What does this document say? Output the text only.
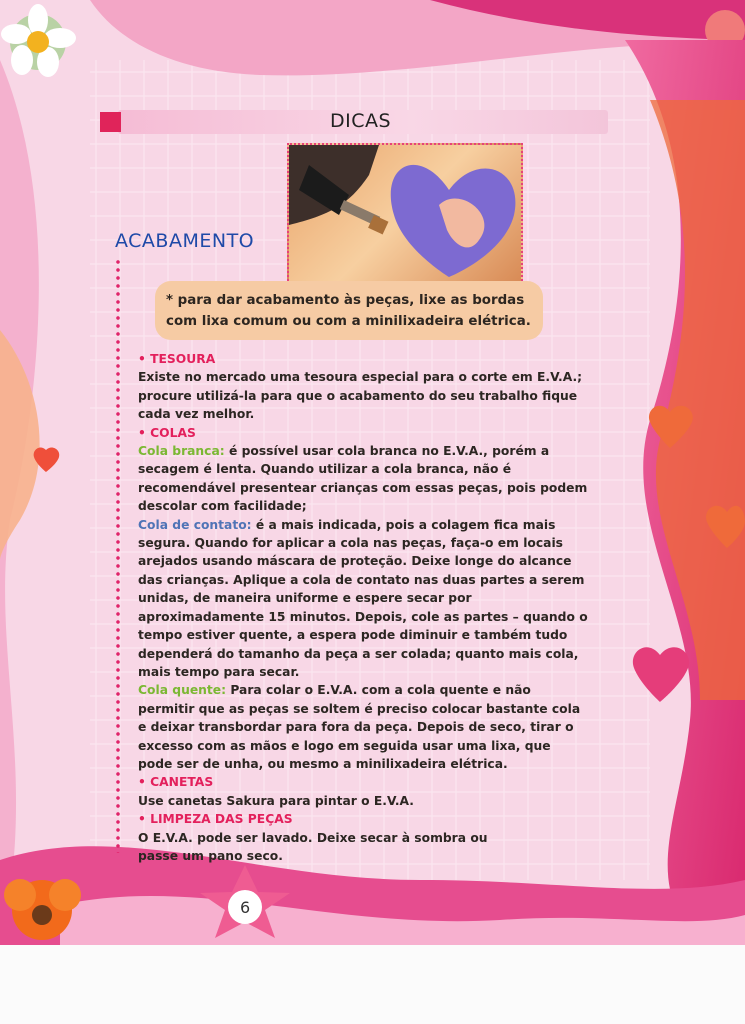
DICAS
ACABAMENTO
* para dar acabamento às peças, lixe as bordas com lixa comum ou com a minilixadeira elétrica.

• TESOURA

Existe no mercado uma tesoura especial para o corte em E.V.A.; procure utilizá-la para que o acabamento do seu trabalho fique cada vez melhor.

• COLAS

Cola branca: é possível usar cola branca no E.V.A., porém a secagem é lenta. Quando utilizar a cola branca, não é recomendável presentear crianças com essas peças, pois podem descolar com facilidade;

Cola de contato: é a mais indicada, pois a colagem fica mais segura. Quando for aplicar a cola nas peças, faça-o em locais arejados usando máscara de proteção. Deixe longe do alcance das crianças. Aplique a cola de contato nas duas partes a serem unidas, de maneira uniforme e espere secar por aproximadamente 15 minutos. Depois, cole as partes – quando o tempo estiver quente, a espera pode diminuir e também tudo dependerá do tamanho da peça a ser colada; quanto mais cola, mais tempo para secar.

Cola quente: Para colar o E.V.A. com a cola quente e não permitir que as peças se soltem é preciso colocar bastante cola e deixar transbordar para fora da peça. Depois de seco, tirar o excesso com as mãos e logo em seguida usar uma lixa, que pode ser de unha, ou mesmo a minilixadeira elétrica.

• CANETAS

Use canetas Sakura para pintar o E.V.A.

• LIMPEZA DAS PEÇAS

O E.V.A. pode ser lavado. Deixe secar à sombra ou passe um pano seco.

6
